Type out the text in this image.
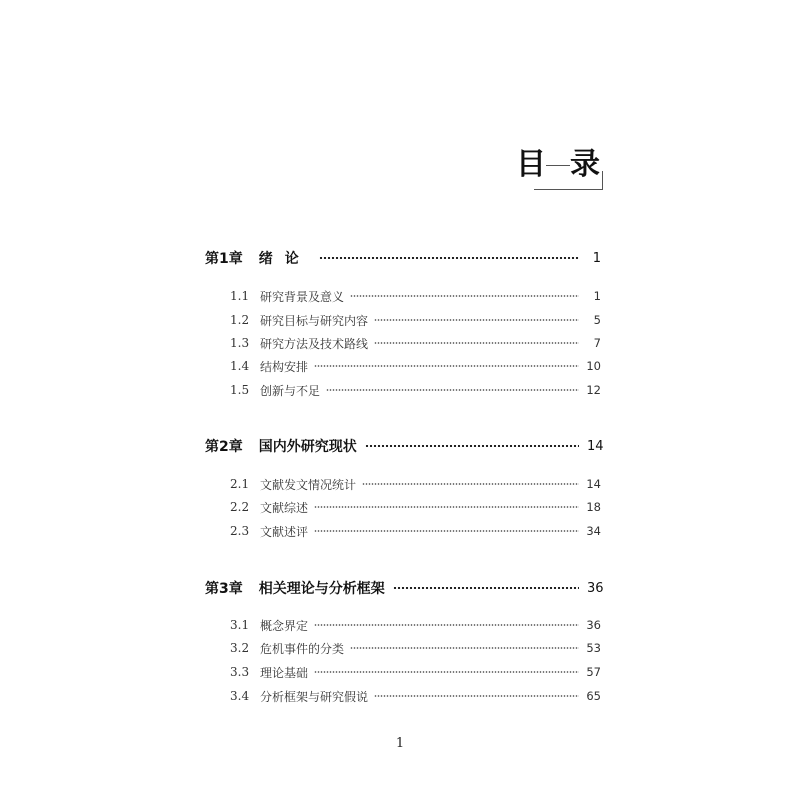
目 录
第1章 绪论	1
1.1 研究背景及意义	1
1.2 研究目标与研究内容	5
1.3 研究方法及技术路线	7
1.4 结构安排	10
1.5 创新与不足	12
第2章 国内外研究现状	14
2.1 文献发文情况统计	14
2.2 文献综述	18
2.3 文献述评	34
第3章 相关理论与分析框架	36
3.1 概念界定	36
3.2 危机事件的分类	53
3.3 理论基础	57
3.4 分析框架与研究假说	65
1
